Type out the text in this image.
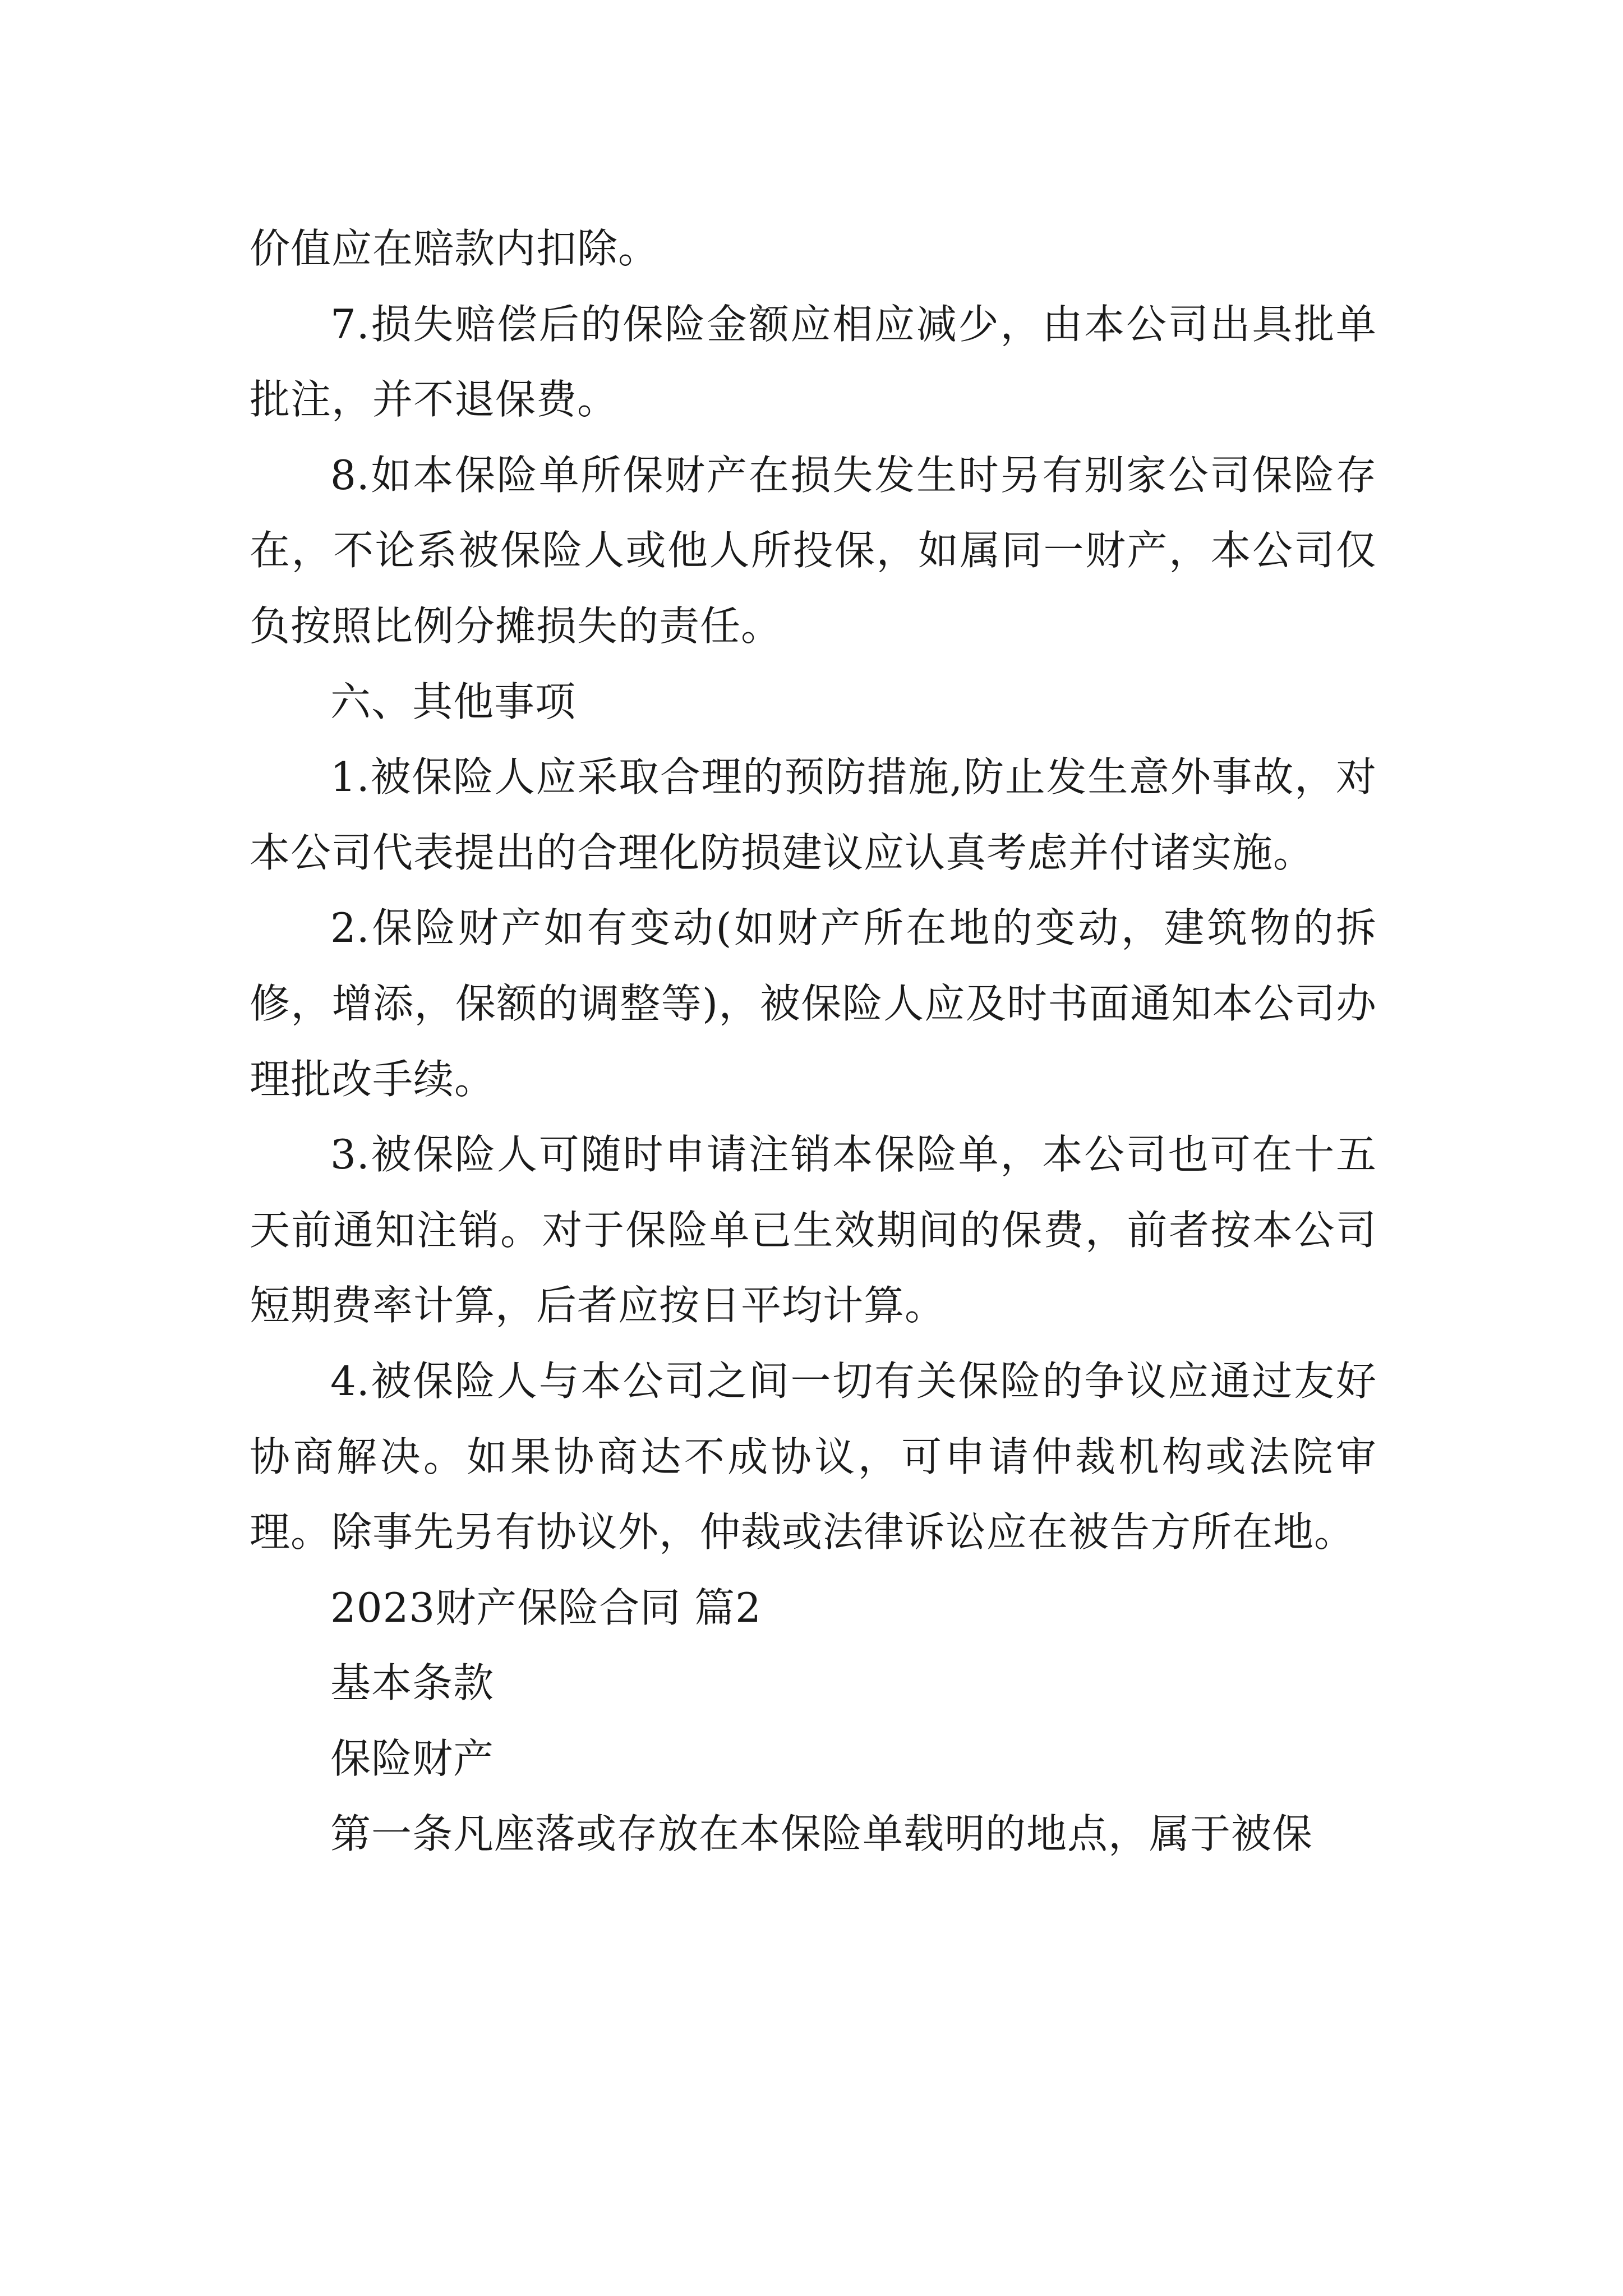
价值应在赔款内扣除。

7.损失赔偿后的保险金额应相应减少，由本公司出具批单批注，并不退保费。

8.如本保险单所保财产在损失发生时另有别家公司保险存在，不论系被保险人或他人所投保，如属同一财产，本公司仅负按照比例分摊损失的责任。

六、其他事项

1.被保险人应采取合理的预防措施,防止发生意外事故，对本公司代表提出的合理化防损建议应认真考虑并付诸实施。

2.保险财产如有变动(如财产所在地的变动，建筑物的拆修，增添，保额的调整等)，被保险人应及时书面通知本公司办理批改手续。

3.被保险人可随时申请注销本保险单，本公司也可在十五天前通知注销。对于保险单已生效期间的保费，前者按本公司短期费率计算，后者应按日平均计算。

4.被保险人与本公司之间一切有关保险的争议应通过友好协商解决。如果协商达不成协议，可申请仲裁机构或法院审理。除事先另有协议外，仲裁或法律诉讼应在被告方所在地。

2023财产保险合同 篇2

基本条款

保险财产

第一条凡座落或存放在本保险单载明的地点，属于被保
